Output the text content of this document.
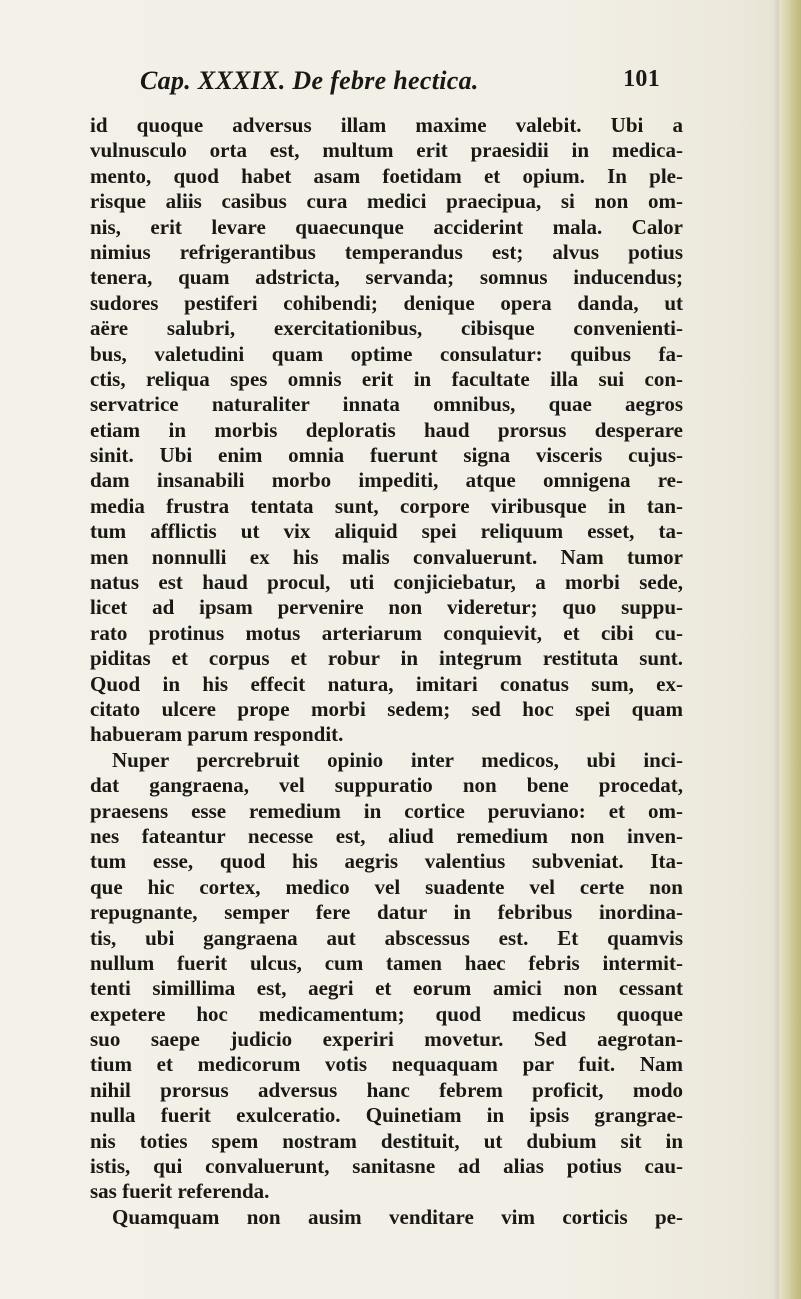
Cap. XXXIX. De febre hectica.	101
id quoque adversus illam maxime valebit. Ubi a
vulnusculo orta est, multum erit praesidii in medica-
mento, quod habet asam foetidam et opium. In ple-
risque aliis casibus cura medici praecipua, si non om-
nis, erit levare quaecunque acciderint mala. Calor
nimius refrigerantibus temperandus est; alvus potius
tenera, quam adstricta, servanda; somnus inducendus;
sudores pestiferi cohibendi; denique opera danda, ut
aëre salubri, exercitationibus, cibisque convenienti-
bus, valetudini quam optime consulatur: quibus fa-
ctis, reliqua spes omnis erit in facultate illa sui con-
servatrice naturaliter innata omnibus, quae aegros
etiam in morbis deploratis haud prorsus desperare
sinit. Ubi enim omnia fuerunt signa visceris cujus-
dam insanabili morbo impediti, atque omnigena re-
media frustra tentata sunt, corpore viribusque in tan-
tum afflictis ut vix aliquid spei reliquum esset, ta-
men nonnulli ex his malis convaluerunt. Nam tumor
natus est haud procul, uti conjiciebatur, a morbi sede,
licet ad ipsam pervenire non videretur; quo suppu-
rato protinus motus arteriarum conquievit, et cibi cu-
piditas et corpus et robur in integrum restituta sunt.
Quod in his effecit natura, imitari conatus sum, ex-
citato ulcere prope morbi sedem; sed hoc spei quam
habueram parum respondit.
Nuper percrebruit opinio inter medicos, ubi inci-
dat gangraena, vel suppuratio non bene procedat,
praesens esse remedium in cortice peruviano: et om-
nes fateantur necesse est, aliud remedium non inven-
tum esse, quod his aegris valentius subveniat. Ita-
que hic cortex, medico vel suadente vel certe non
repugnante, semper fere datur in febribus inordina-
tis, ubi gangraena aut abscessus est. Et quamvis
nullum fuerit ulcus, cum tamen haec febris intermit-
tenti simillima est, aegri et eorum amici non cessant
expetere hoc medicamentum; quod medicus quoque
suo saepe judicio experiri movetur. Sed aegrotan-
tium et medicorum votis nequaquam par fuit. Nam
nihil prorsus adversus hanc febrem proficit, modo
nulla fuerit exulceratio. Quinetiam in ipsis grangrae-
nis toties spem nostram destituit, ut dubium sit in
istis, qui convaluerunt, sanitasne ad alias potius cau-
sas fuerit referenda.
Quamquam non ausim venditare vim corticis pe-
